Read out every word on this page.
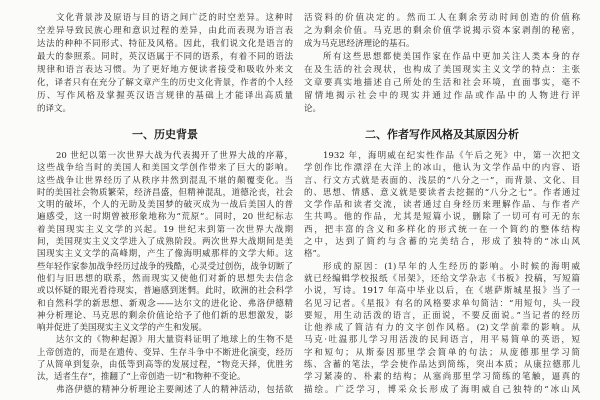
文化背景涉及原语与目的语之间广泛的时空差异。这种时
空差异导致民族心理和意识过程的差异，由此而表现为语言表
达法的种种不同形式、特征及风格。因此，我们说文化是语言的
最大的参照系。同时，英汉语属于不同的语系，有着不同的语法
规律和语言表达习惯。为了更好地方便读者接受和吸收外来文
化，译者只有在充分了解文章产生的历史文化背景，作者的个人经
历、写作风格及掌握英汉语言规律的基础上才能译出高质量
的译文。
一、历史背景
20 世纪以第一次世界大战为代表揭开了世界大战的序幕，
这些战争给当时的美国人和美国文学创作带来了巨大的影响。
这些战争让世界经历了从秩序井然到混乱不堪的颠覆变化。当
时的美国社会物质繁荣，经济昌盛，但精神混乱，道德沦丧，社会
文明的破坏，个人的无助及美国梦的破灭成为一战后美国人的普
遍感受，这一时期曾被形象地称为“荒原”。同时，20 世纪标志
着美国现实主义文学的兴起。19 世纪末到第一次世界大战期
间，美国现实主义文学进入了成熟阶段。两次世界大战期间是美
国现实主义文学的高峰期，产生了像海明威那样的文学大师。这
些年轻作家参加战争经历过战争的残酷，心灵受过创伤，战争切断了
他们与旧思想的联系，然而现实又使他们对新的思想失去信念
或以怀疑的眼光看待现实，普遍感到迷惘。此时，欧洲的社会科学
和自然科学的新思想、新观念——达尔文的进化论、弗洛伊德精
神分析理论、马克思的剩余价值论给予了他们新的思想激发，影
响并促进了美国现实主义文学的产生和发展。
达尔文的《物种起源》用大量资料证明了地球上的生物不是
上帝创造的，而是在遗传、变异、生存斗争中不断进化演变，经历
了从简单到复杂，由低等到高等的发展过程，“物竞天择，优胜劣
汰，适者生存”，推翻了“上帝创造一切”和物种不变论。
弗洛伊德的精神分析理论主要阐述了人的精神活动，包括欲
活资料的价值决定的。然而工人在剩余劳动时间创造的价值称
之为剩余价值。马克思的剩余价值学说揭示资本家剥削的秘密，
成为马克思经济理论的基石。
所有这些思想都使美国作家在作品中更加关注人类本身的存
在及生活的社会现状，也构成了美国现实主义文学的特点：主张
文章要真实地描述自己所处的生活和社会环境，直面事实，毫不
留情地揭示社会中的现实并通过作品或作品中的人物进行评
论。
二、作者写作风格及其原因分析
1932 年，海明威在纪实性作品《午后之死》中，第一次把文
学创作比作漂浮在大洋上的冰山，他认为文学作品中的内容、语
言、行文方式就是表面的、浅层的“八分之一”，而背景、文化、目
的、思想、情感、意义就是要读者去挖掘的“八分之七”。作者通过
文学作品和读者交流，读者通过自身经历来理解作品、与作者产
生共鸣。他的作品，尤其是短篇小说，删除了一切可有可无的东
西，把丰富的含义和多样化的形式统一在一个简约的整体结构
之中，达到了简约与含蓄的完美结合，形成了独特的“冰山风
格”。
形成的原因：(1)早年的人生经历的影响。小时候的海明威
就已经编辑学校报纸《吊架》，还给文学杂志《书板》投稿，写短篇
小说，写诗。1917 年高中毕业以后，在《堪萨斯城星报》当了一
名见习记者。《星报》有名的风格要求单句简洁：“用短句，头一段
要短，用生动活泼的语言，正面说，不要反面说。”当记者的经历
让他养成了简洁有力的文字创作风格。(2)文学前辈的影响。从
马克·吐温那儿学习用活泼的民间语言，用平易简单的英语，短
字和短句；从斯泰因那里学会简单的句法；从庞德那里学习简
练、含蓄的笔法，学会使作品达到简练，突出本质；从康拉德那儿
学习紧凑的、朴素的结构；从塞尚那里学习简练的笔触，逼真的
描绘。广泛学习，博采众长形成了海明威自己独特的“冰山风
